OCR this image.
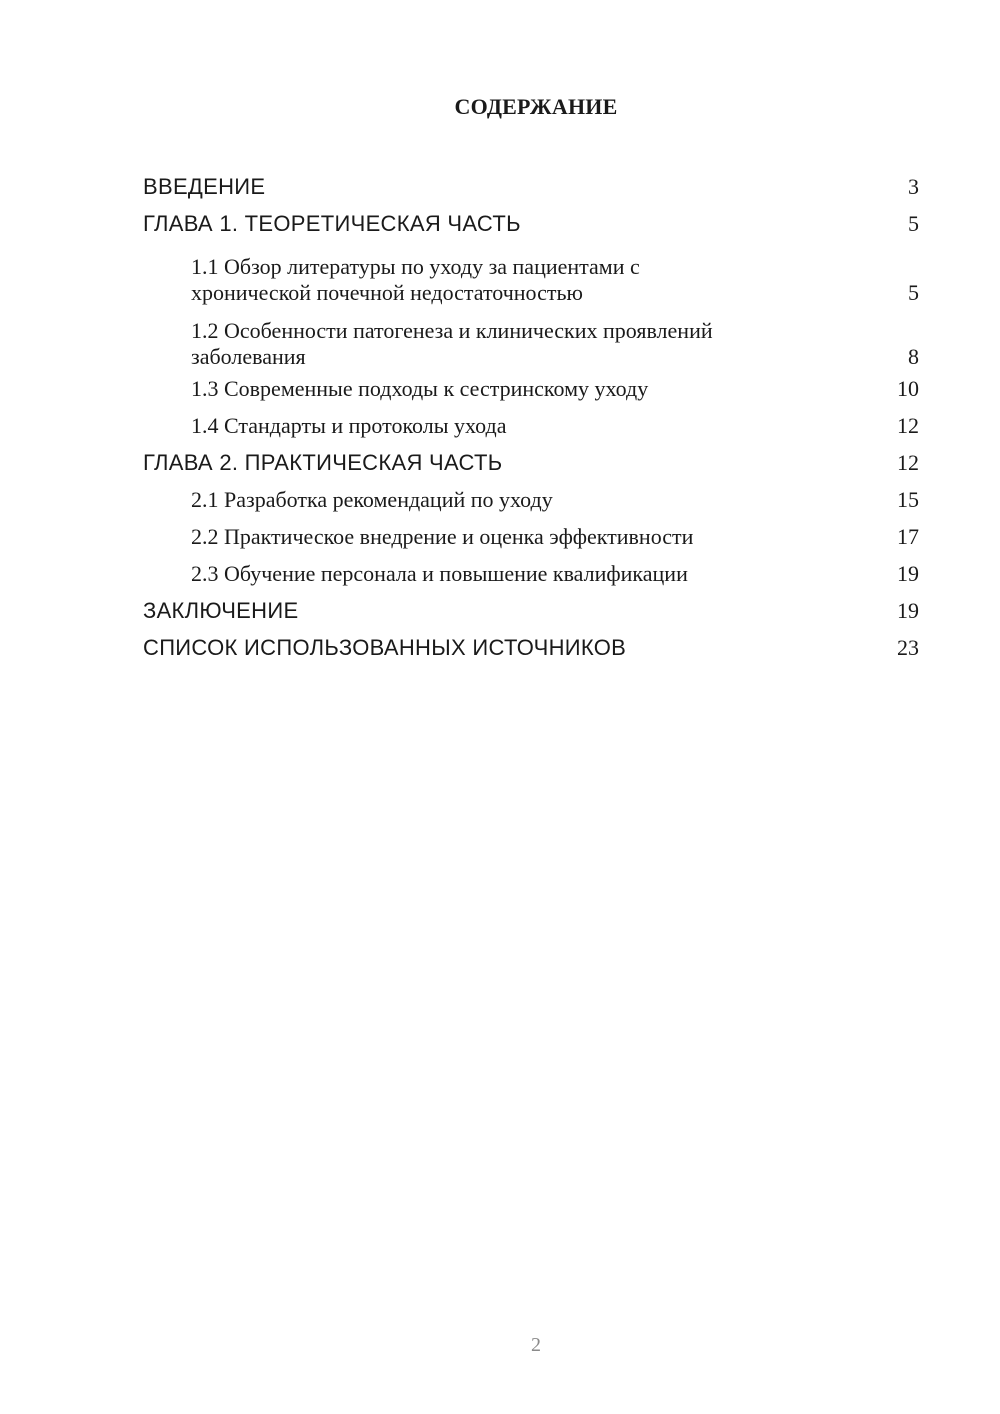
СОДЕРЖАНИЕ
ВВЕДЕНИЕ	3
ГЛАВА 1. ТЕОРЕТИЧЕСКАЯ ЧАСТЬ	5
1.1 Обзор литературы по уходу за пациентами с
хронической почечной недостаточностью	5
1.2 Особенности патогенеза и клинических проявлений
заболевания	8
1.3 Современные подходы к сестринскому уходу	10
1.4 Стандарты и протоколы ухода	12
ГЛАВА 2. ПРАКТИЧЕСКАЯ ЧАСТЬ	12
2.1 Разработка рекомендаций по уходу	15
2.2 Практическое внедрение и оценка эффективности	17
2.3 Обучение персонала и повышение квалификации	19
ЗАКЛЮЧЕНИЕ	19
СПИСОК ИСПОЛЬЗОВАННЫХ ИСТОЧНИКОВ	23
2
